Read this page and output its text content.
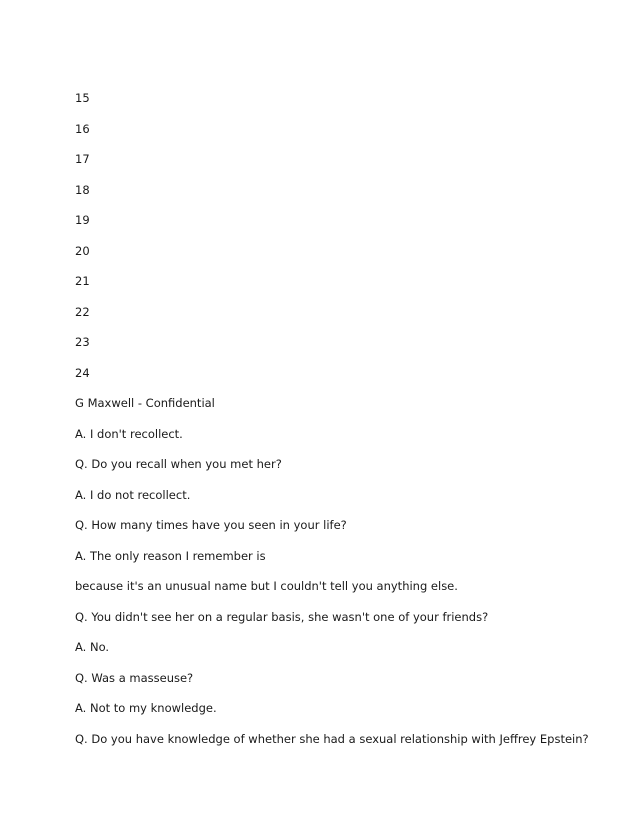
15
16
17
18
19
20
21
22
23
24
G Maxwell - Confidential
A. I don't recollect.
Q. Do you recall when you met her?
A. I do not recollect.
Q. How many times have you seen in your life?
A. The only reason I remember is
because it's an unusual name but I couldn't tell you anything else.
Q. You didn't see her on a regular basis, she wasn't one of your friends?
A. No.
Q. Was a masseuse?
A. Not to my knowledge.
Q. Do you have knowledge of whether she had a sexual relationship with Jeffrey Epstein?
